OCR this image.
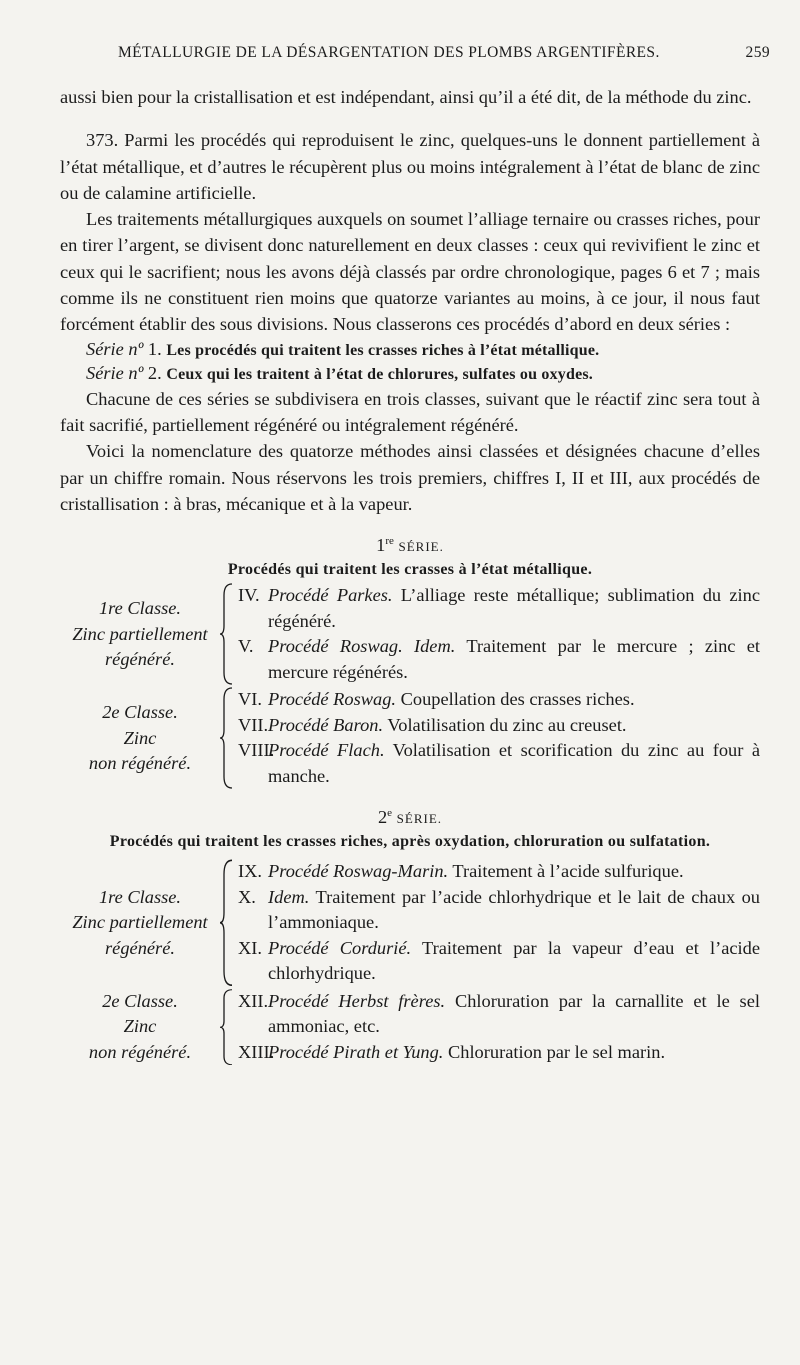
MÉTALLURGIE DE LA DÉSARGENTATION DES PLOMBS ARGENTIFÈRES.	259

aussi bien pour la cristallisation et est indépendant, ainsi qu’il a été dit, de la méthode du zinc.

373. Parmi les procédés qui reproduisent le zinc, quelques-uns le donnent partiellement à l’état métallique, et d’autres le récupèrent plus ou moins intégralement à l’état de blanc de zinc ou de calamine artificielle.

Les traitements métallurgiques auxquels on soumet l’alliage ternaire ou crasses riches, pour en tirer l’argent, se divisent donc naturellement en deux classes : ceux qui revivifient le zinc et ceux qui le sacrifient; nous les avons déjà classés par ordre chronologique, pages 6 et 7 ; mais comme ils ne constituent rien moins que quatorze variantes au moins, à ce jour, il nous faut forcément établir des sous divisions. Nous classerons ces procédés d’abord en deux séries :

Série nº 1. Les procédés qui traitent les crasses riches à l’état métallique.
Série nº 2. Ceux qui les traitent à l’état de chlorures, sulfates ou oxydes.

Chacune de ces séries se subdivisera en trois classes, suivant que le réactif zinc sera tout à fait sacrifié, partiellement régénéré ou intégralement régénéré.

Voici la nomenclature des quatorze méthodes ainsi classées et désignées chacune d’elles par un chiffre romain. Nous réservons les trois premiers, chiffres I, II et III, aux procédés de cristallisation : à bras, mécanique et à la vapeur.

1re SÉRIE.
Procédés qui traitent les crasses à l’état métallique.
1re Classe.
Zinc partiellement
régénéré.
IV. Procédé Parkes. L’alliage reste métallique; sublimation du zinc régénéré.
V. Procédé Roswag. Idem. Traitement par le mercure ; zinc et mercure régénérés.
2e Classe.
Zinc
non régénéré.
VI. Procédé Roswag. Coupellation des crasses riches.
VII. Procédé Baron. Volatilisation du zinc au creuset.
VIII.
Procédé Flach. Volatilisation et scorification du zinc au four à manche.
2e SÉRIE.
Procédés qui traitent les crasses riches, après oxydation, chloruration ou sulfatation.
1re Classe.
Zinc partiellement
régénéré.
IX. Procédé Roswag-Marin. Traitement à l’acide sulfurique.
X. Idem. Traitement par l’acide chlorhydrique et le lait de chaux ou l’ammoniaque.
XI. Procédé Cordurié. Traitement par la vapeur d’eau et l’acide chlorhydrique.
2e Classe.
Zinc
non régénéré.
XII. Procédé Herbst frères. Chloruration par la carnallite et le sel ammoniac, etc.
XIII.
Procédé Pirath et Yung. Chloruration par le sel marin.
